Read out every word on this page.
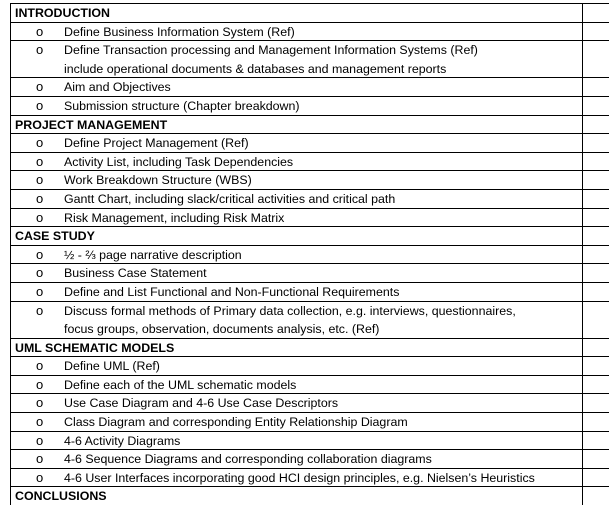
INTRODUCTION
o Define Business Information System (Ref)
o Define Transaction processing and Management Information Systems (Ref)
include operational documents & databases and management reports
o Aim and Objectives
o Submission structure (Chapter breakdown)
PROJECT MANAGEMENT
o Define Project Management (Ref)
o Activity List, including Task Dependencies
o Work Breakdown Structure (WBS)
o Gantt Chart, including slack/critical activities and critical path
o Risk Management, including Risk Matrix
CASE STUDY
o ½ - ⅔ page narrative description
o Business Case Statement
o Define and List Functional and Non-Functional Requirements
o Discuss formal methods of Primary data collection, e.g. interviews, questionnaires,
focus groups, observation, documents analysis, etc. (Ref)
UML SCHEMATIC MODELS
o Define UML (Ref)
o Define each of the UML schematic models
o Use Case Diagram and 4-6 Use Case Descriptors
o Class Diagram and corresponding Entity Relationship Diagram
o 4-6 Activity Diagrams
o 4-6 Sequence Diagrams and corresponding collaboration diagrams
o 4-6 User Interfaces incorporating good HCI design principles, e.g. Nielsen’s Heuristics
CONCLUSIONS
